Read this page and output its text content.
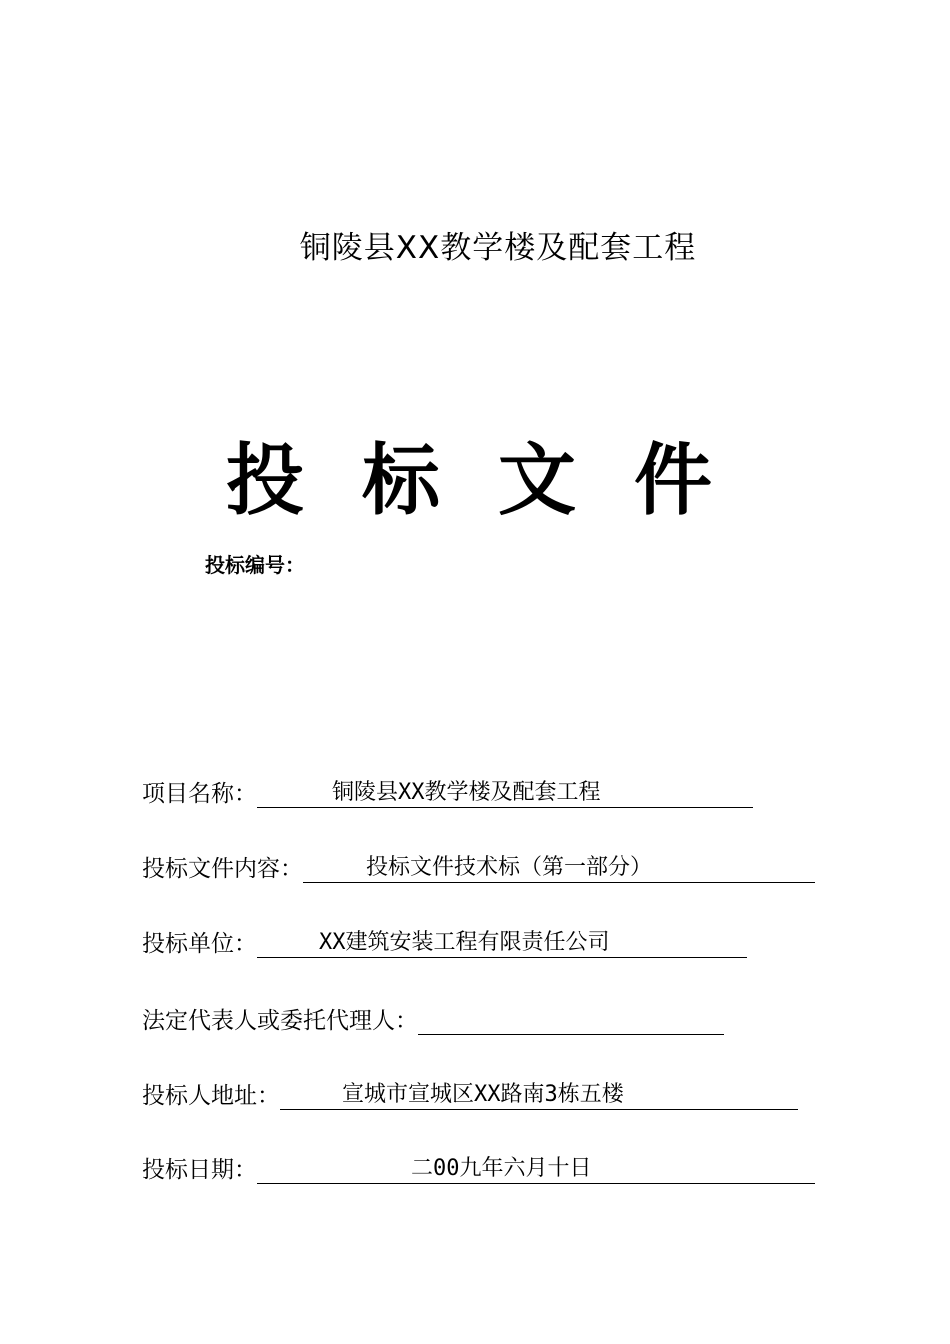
铜陵县XX教学楼及配套工程
投标文件
投标编号：
项目名称：	铜陵县XX教学楼及配套工程
投标文件内容：	投标文件技术标（第一部分）
投标单位：	XX建筑安装工程有限责任公司
法定代表人或委托代理人：
投标人地址：	宣城市宣城区XX路南3栋五楼
投标日期：	二00九年六月十日
